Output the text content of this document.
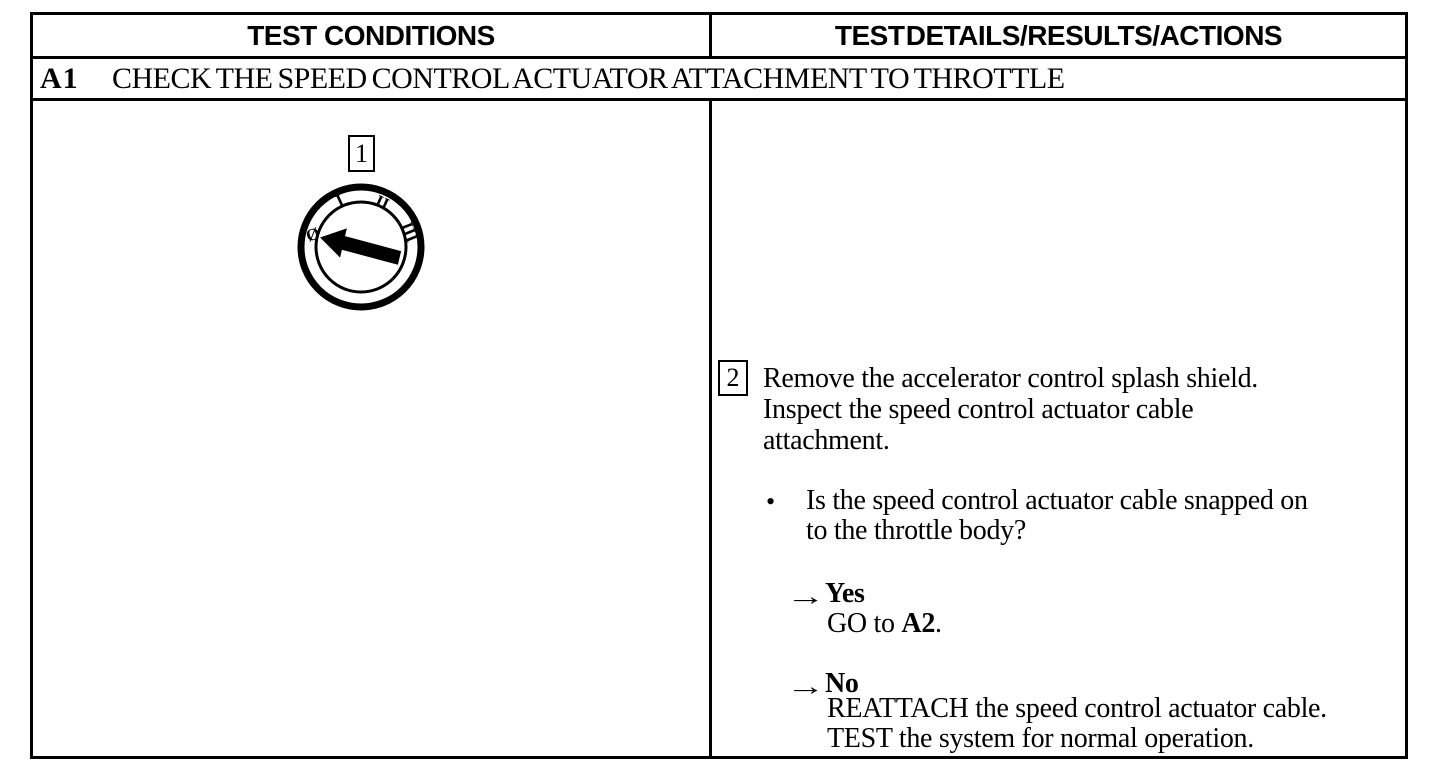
TEST CONDITIONS	TEST DETAILS/RESULTS/ACTIONS
A1 CHECK THE SPEED CONTROL ACTUATOR ATTACHMENT TO THROTTLE
1
Ø
I II
III
2 Remove the accelerator control splash shield.
Inspect the speed control actuator cable
attachment.
• Is the speed control actuator cable snapped on
to the throttle body?
→ Yes
GO to A2.
→ No
REATTACH the speed control actuator cable.
TEST the system for normal operation.
